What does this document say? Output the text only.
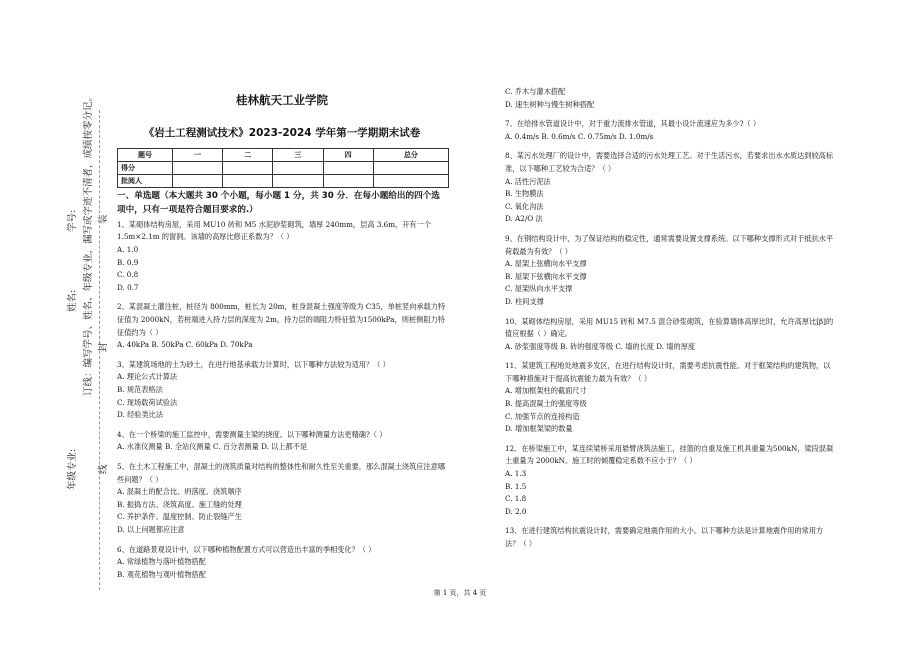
学号:
姓名: 订线：编写学号、姓名、年级专业，漏写或字迹不清者，成绩按零分记。
年级专业:
装
封
线
桂林航天工业学院
《岩土工程测试技术》2023-2024 学年第一学期期末试卷
题号	一	二	三	四	总分
得分					
批阅人					
一、单选题（本大题共 30 个小题，每小题 1 分，共 30 分．在每小题给出的四个选项中，只有一项是符合题目要求的.）
1、某砌体结构房屋，采用 MU10 砖和 M5 水泥砂浆砌筑，墙厚 240mm，层高 3.6m，开有一个 1.5m×2.1m 的窗洞。该墙的高厚比修正系数为？（ ）
A. 1.0
B. 0.9
C. 0.8
D. 0.7
2、某混凝土灌注桩，桩径为 800mm，桩长为 20m，桩身混凝土强度等级为 C35，单桩竖向承载力特征值为 2000kN，若桩端进入持力层的深度为 2m，持力层的端阻力特征值为1500kPa，则桩侧阻力特征值约为（ ）
A. 40kPa B. 50kPa C. 60kPa D. 70kPa
3、某建筑场地的土为砂土，在进行地基承载力计算时，以下哪种方法较为适用？（ ）
A. 理论公式计算法
B. 规范表格法
C. 现场载荷试验法
D. 经验类比法
4、在一个桥梁的施工监控中，需要测量主梁的挠度。以下哪种测量方法更精确?（ ）
A. 水准仪测量 B. 全站仪测量 C. 百分表测量 D. 以上都不是
5、在土木工程施工中，混凝土的浇筑质量对结构的整体性和耐久性至关重要，那么混凝土浇筑应注意哪些问题？（ ）
A. 混凝土的配合比、坍落度、浇筑顺序
B. 振捣方法、浇筑高度、施工缝的处理
C. 养护条件、温度控制、防止裂缝产生
D. 以上问题都应注意
6、在道路景观设计中，以下哪种植物配置方式可以营造出丰富的季相变化？（ ）
A. 常绿植物与落叶植物搭配
B. 观花植物与观叶植物搭配
C. 乔木与灌木搭配
D. 速生树种与慢生树种搭配
7、在给排水管道设计中，对于重力流排水管道，其最小设计流速应为多少?（ ）
A. 0.4m/s B. 0.6m/s C. 0.75m/s D. 1.0m/s
8、某污水处理厂的设计中，需要选择合适的污水处理工艺。对于生活污水，若要求出水水质达到较高标准，以下哪种工艺较为合适？（ ）
A. 活性污泥法
B. 生物膜法
C. 氧化沟法
D. A2/O 法
9、在钢结构设计中，为了保证结构的稳定性，通常需要设置支撑系统。以下哪种支撑形式对于抵抗水平荷载最为有效？（ ）
A. 屋架上弦横向水平支撑
B. 屋架下弦横向水平支撑
C. 屋架纵向水平支撑
D. 柱间支撑
10、某砌体结构房屋，采用 MU15 砖和 M7.5 混合砂浆砌筑，在验算墙体高厚比时，允许高厚比[β]的值应根据（ ）确定。
A. 砂浆强度等级 B. 砖的强度等级 C. 墙的长度 D. 墙的厚度
11、某建筑工程地处地震多发区，在进行结构设计时，需要考虑抗震性能。对于框架结构的建筑物，以下哪种措施对于提高抗震能力最为有效？（ ）
A. 增加框架柱的截面尺寸
B. 提高混凝土的强度等级
C. 加强节点的连接构造
D. 增加框架梁的数量
12、在桥梁施工中，某连续梁桥采用悬臂浇筑法施工，挂篮的自重及施工机具重量为500kN，梁段混凝土重量为 2000kN。施工时的倾覆稳定系数不应小于？（ ）
A. 1.3
B. 1.5
C. 1.8
D. 2.0
13、在进行建筑结构抗震设计时，需要确定地震作用的大小。以下哪种方法是计算地震作用的常用方法？（ ）
第 1 页，共 4 页
